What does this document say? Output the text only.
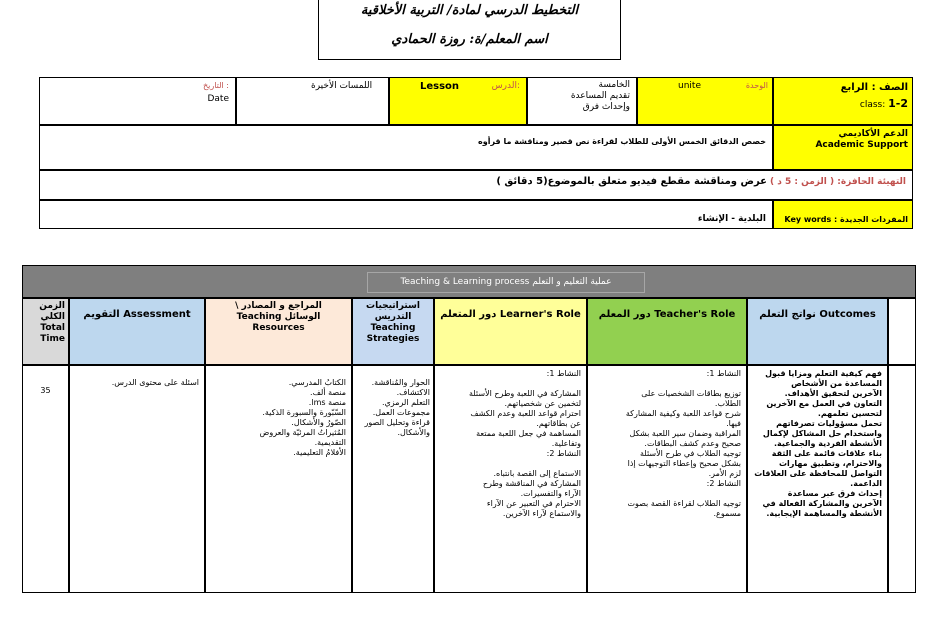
التخطيط الدرسي لمادة/ التربية الأخلاقية
اسم المعلم/ة: روزة الحمادي
الصف : الرابع
1-2 class:
الوحدة
unite
الخامسة
تقديم المساعدة
وإحداث فرق
الدرس:
Lesson
اللمسات الأخيرة
التاريخ :
Date
الدعم الأكاديمي
Academic Support
خصص الدقائق الخمس الأولى للطلاب لقراءة نص قصير ومناقشة ما قرأوه
التهيئة الحافزة: ( الزمن : 5 د )
عرض ومناقشة مقطع فيديو متعلق بالموضوع(5 دقائق )
المفردات الجديدة : Key words
البلدية - الإنشاء
Teaching & Learning process عملية التعليم و التعلم
Outcomes نواتج التعلم
Teacher's Role دور المعلم
Learner's Role دور المتعلم
استراتيجيات
التدريس
Teaching
Strategies
المراجع و المصادر \
الوسائل Teaching
Resources
Assessment التقويم
الزمن
الكلي
Total
Time
فهم كيفية التعلم ومزايا قبول
المساعدة من الأشخاص
الآخرين لتحقيق الأهداف.
التعاون في العمل مع الآخرين
لتحسين تعلمهم.
تحمل مسؤوليات تصرفاتهم
واستخدام حل المشاكل لإكمال
الأنشطة الفردية والجماعية.
بناء علاقات قائمة على الثقة
والاحترام، وتطبيق مهارات
التواصل للمحافظة على العلاقات
الداعمة.
إحداث فرق عبر مساعدة
الآخرين والمشاركة الفعالة في
الأنشطة والمساهمة الإيجابية.
النشاط 1:
توزيع بطاقات الشخصيات على
الطلاب.
شرح قواعد اللعبة وكيفية المشاركة
فيها.
المراقبة وضمان سير اللعبة بشكل
صحيح وعدم كشف البطاقات.
توجيه الطلاب في طرح الأسئلة
بشكل صحيح وإعطاء التوجيهات إذا
لزم الأمر.
النشاط 2:
توجيه الطلاب لقراءة القصة بصوت
مسموع.
النشاط 1:
المشاركة في اللعبة وطرح الأسئلة
لتخمين عن شخصياتهم.
احترام قواعد اللعبة وعدم الكشف
عن بطاقاتهم.
المساهمة في جعل اللعبة ممتعة
وتفاعلية.
النشاط 2:
الاستماع إلى القصة بانتباه.
المشاركة في المناقشة وطرح
الآراء والتفسيرات.
الاحترام في التعبير عن الآراء
والاستماع لآراء الآخرين.
الحوار والمُناقشة.
الاكتشاف.
التعلم الرمزي.
مجموعات العمل.
قراءة وتحليل الصور
والأشكال.
الكتابُ المدرسي.
منصة ألف.
منصة lms.
السّبّورة والسبورة الذكية.
الصّورُ والأشكال.
المُثيراتُ المرئيّة والعروض
التقديمية.
الأفلامُ التعليمية.
اسئلة على محتوى الدرس.
35
